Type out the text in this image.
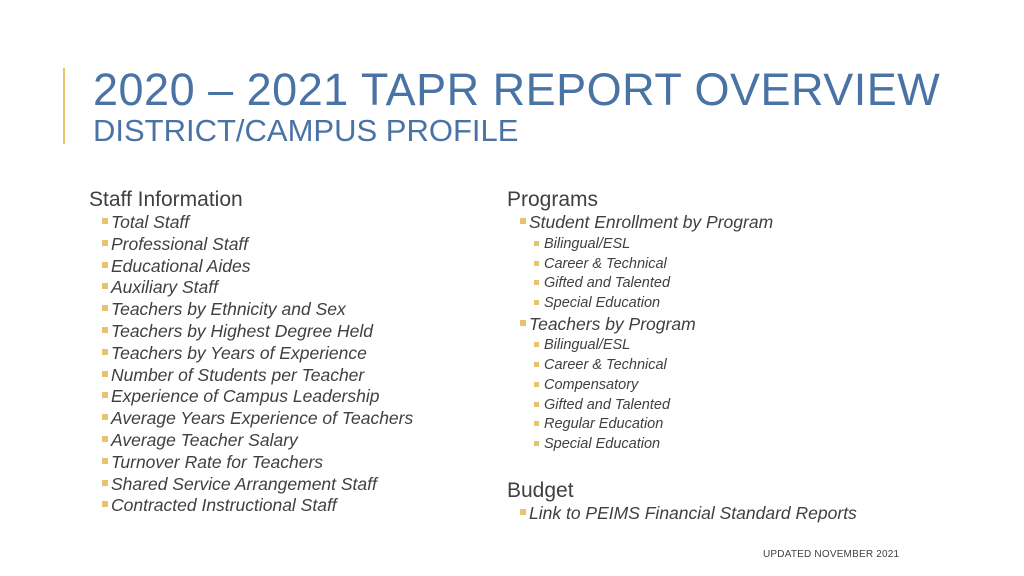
2020 – 2021 TAPR REPORT OVERVIEW
DISTRICT/CAMPUS PROFILE
Staff Information
Total Staff
Professional Staff
Educational Aides
Auxiliary Staff
Teachers by Ethnicity and Sex
Teachers by Highest Degree Held
Teachers by Years of Experience
Number of Students per Teacher
Experience of Campus Leadership
Average Years Experience of Teachers
Average Teacher Salary
Turnover Rate for Teachers
Shared Service Arrangement Staff
Contracted Instructional Staff
Programs
Student Enrollment by Program
Bilingual/ESL
Career & Technical
Gifted and Talented
Special Education
Teachers by Program
Bilingual/ESL
Career & Technical
Compensatory
Gifted and Talented
Regular Education
Special Education
Budget
Link to PEIMS Financial Standard Reports
UPDATED NOVEMBER 2021
